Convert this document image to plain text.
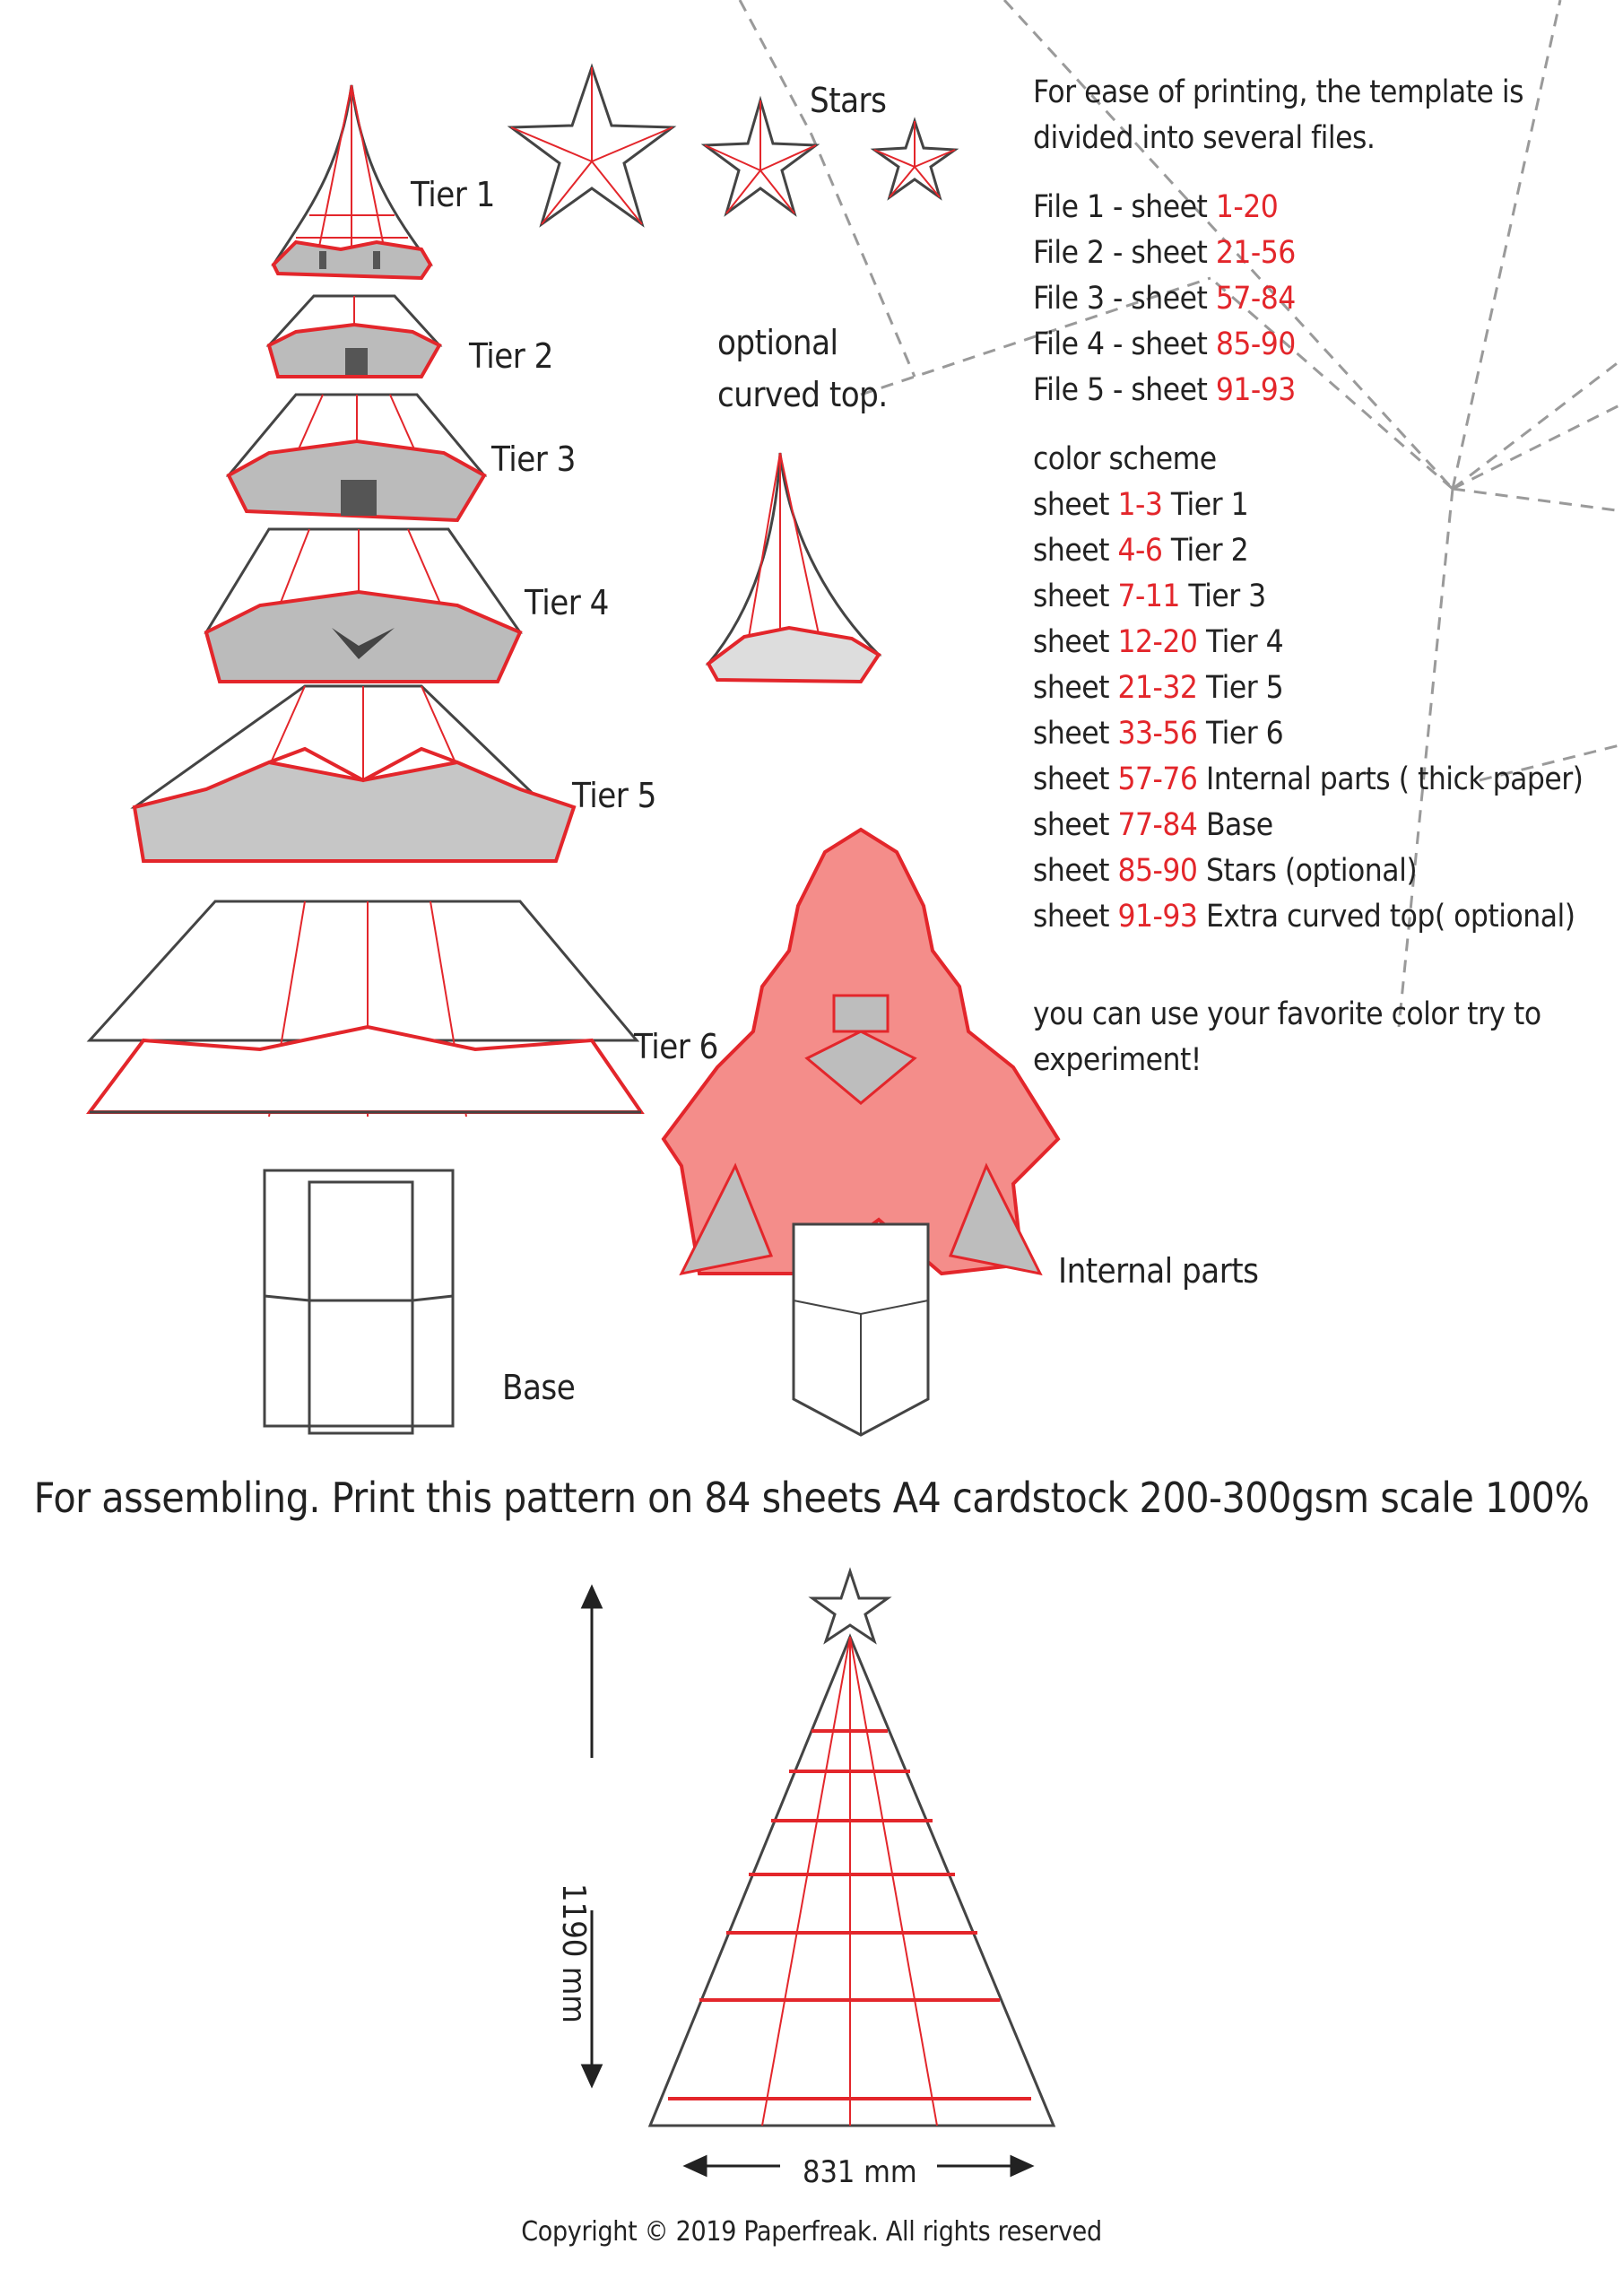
Tier 1
Tier 2
Tier 3
Tier 4
Tier 5
Tier 6
Stars
optional
curved top.
Base
Internal parts
For ease of printing, the template is divided into several files.
File 1 - sheet 1-20
File 2 - sheet 21-56
File 3 - sheet 57-84
File 4 - sheet 85-90
File 5 - sheet 91-93
color scheme
sheet 1-3 Tier 1
sheet 4-6 Tier 2
sheet 7-11 Tier 3
sheet 12-20 Tier 4
sheet 21-32 Tier 5
sheet 33-56 Tier 6
sheet 57-76 Internal parts ( thick paper)
sheet 77-84 Base
sheet 85-90 Stars (optional)
sheet 91-93 Extra curved top( optional)
you can use your favorite color try to experiment!
For assembling. Print this pattern on 84 sheets A4 cardstock 200-300gsm scale 100%
1190 mm
831 mm
Copyright © 2019 Paperfreak. All rights reserved
